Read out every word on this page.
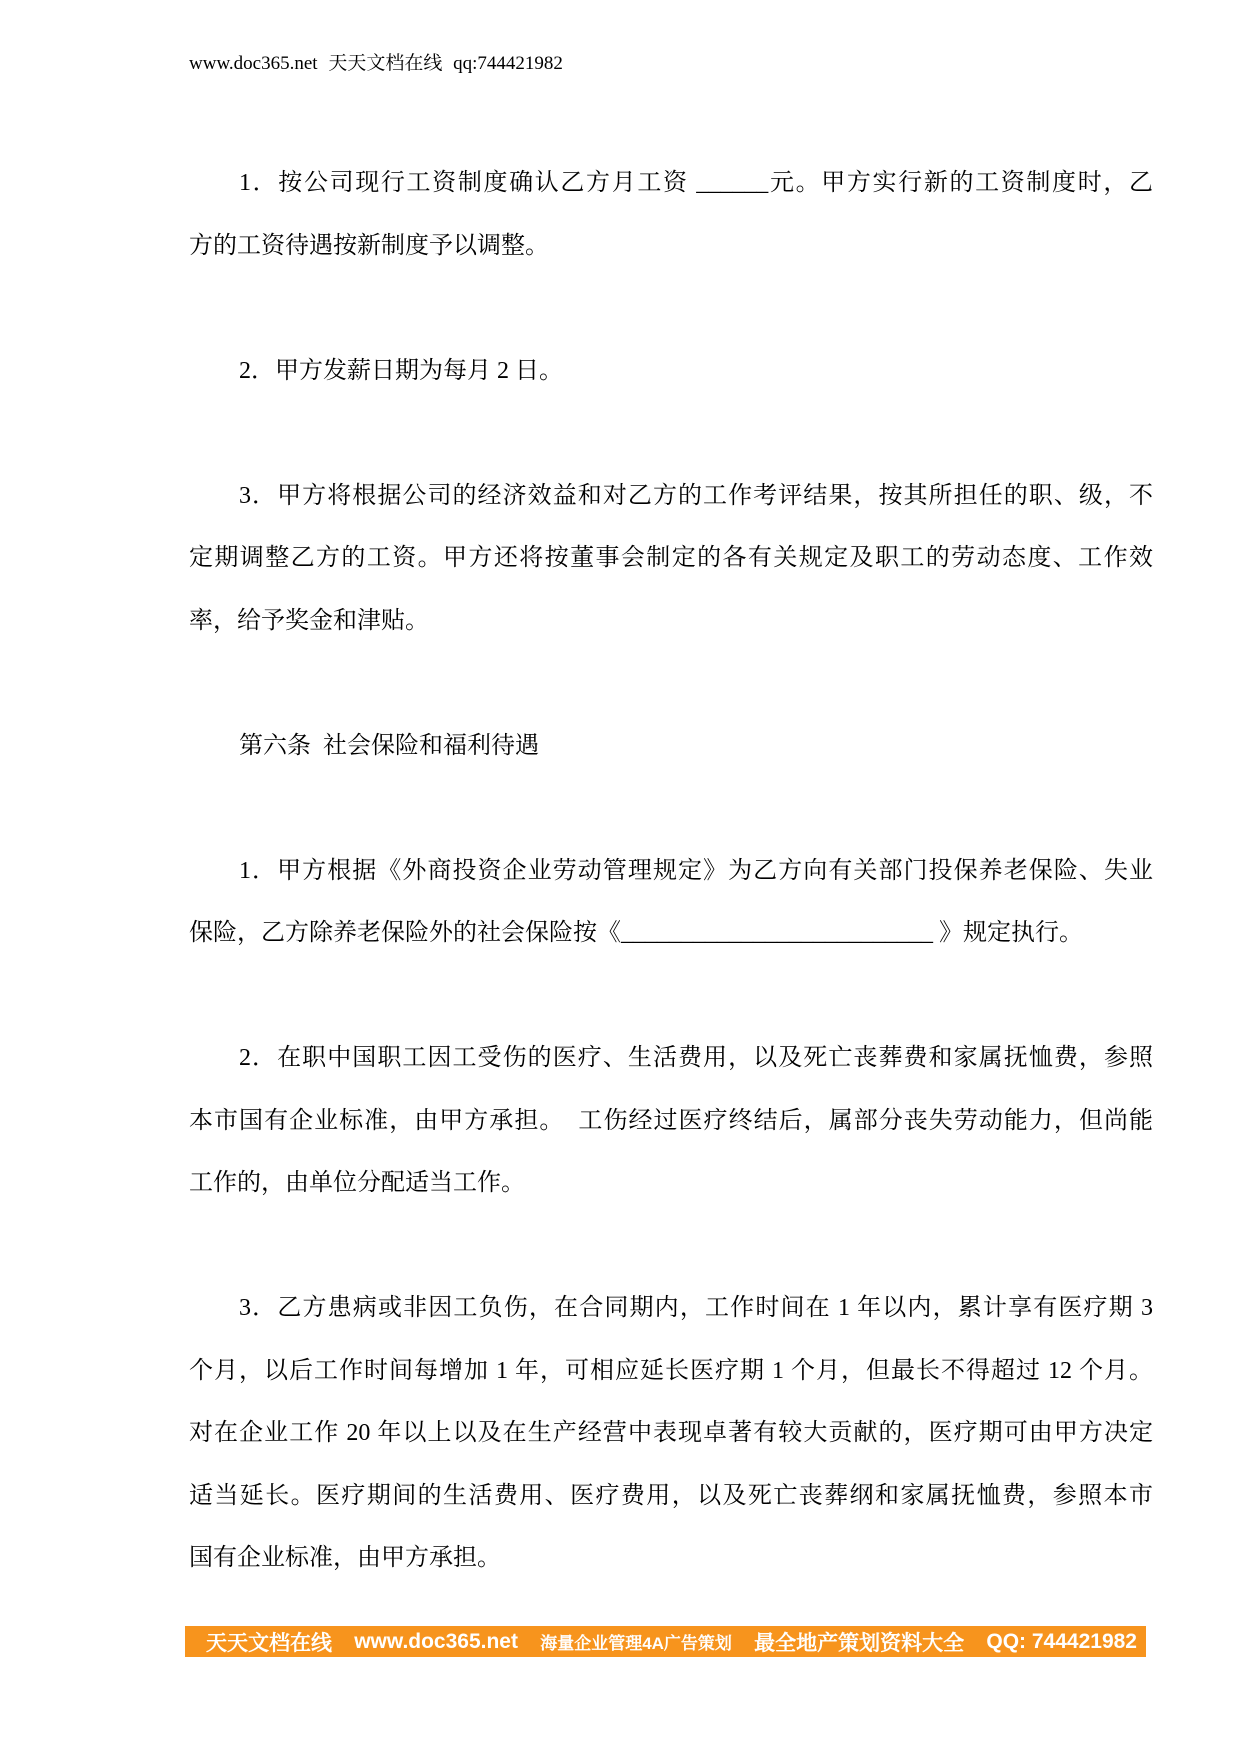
www.doc365.net 天天文档在线 qq:744421982
1．按公司现行工资制度确认乙方月工资 ______元。甲方实行新的工资制度时，乙
方的工资待遇按新制度予以调整。
2．甲方发薪日期为每月 2 日。
3．甲方将根据公司的经济效益和对乙方的工作考评结果，按其所担任的职、级，不
定期调整乙方的工资。甲方还将按董事会制定的各有关规定及职工的劳动态度、工作效
率，给予奖金和津贴。
第六条  社会保险和福利待遇
1．甲方根据《外商投资企业劳动管理规定》为乙方向有关部门投保养老保险、失业
保险，乙方除养老保险外的社会保险按《__________________________ 》规定执行。
2．在职中国职工因工受伤的医疗、生活费用，以及死亡丧葬费和家属抚恤费，参照
本市国有企业标准，由甲方承担。  工伤经过医疗终结后，属部分丧失劳动能力，但尚能
工作的，由单位分配适当工作。
3．乙方患病或非因工负伤，在合同期内，工作时间在 1 年以内，累计享有医疗期 3
个月，以后工作时间每增加 1 年，可相应延长医疗期 1 个月，但最长不得超过 12 个月。
对在企业工作 20 年以上以及在生产经营中表现卓著有较大贡献的，医疗期可由甲方决定
适当延长。医疗期间的生活费用、医疗费用，以及死亡丧葬纲和家属抚恤费，参照本市
国有企业标准，由甲方承担。
天天文档在线 www.doc365.net 海量企业管理4A广告策划 最全地产策划资料大全 QQ: 744421982
